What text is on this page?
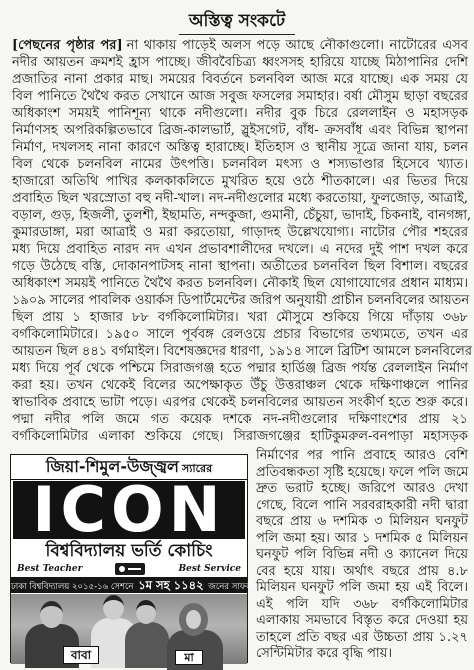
অস্তিত্ব সংকটে
[পেছনের পৃষ্ঠার পর] না থাকায় পাড়েই অলস পড়ে আছে নৌকাগুলো। নাটোরের এসব
নদীর আয়তন ক্রমশই হ্রাস পাচ্ছে। জীববৈচিত্র্য ধ্বংসসহ হারিয়ে যাচ্ছে মিঠাপানির দেশি
প্রজাতির নানা প্রকার মাছ। সময়ের বিবর্তনে চলনবিল আজ মরে যাচ্ছে। এক সময় যে
বিল পানিতে থৈথৈ করত সেখানে আজ সবুজ ফসলের সমাহার। বর্ষা মৌসুম ছাড়া বছরের
অধিকাংশ সময়ই পানিশূন্য থাকে নদীগুলো। নদীর বুক চিরে রেললাইন ও মহাসড়ক
নির্মাণসহ অপরিকল্পিতভাবে ব্রিজ-কালভার্ট, স্লুইসগেট, বাঁধ- ক্রসবাঁধ এবং বিভিন্ন স্থাপনা
নির্মাণ, দখলসহ নানা কারণে অস্তিত্ব হারাচ্ছে। ইতিহাস ও স্থানীয় সূত্রে জানা যায়, চলন
বিল থেকে চলনবিল নামের উৎপত্তি। চলনবিল মৎস্য ও শস্যভাণ্ডার হিসেবে খ্যাত।
হাজারো অতিথি পাখির কলকাকলিতে মুখরিত হয়ে ওঠে শীতকালে। এর ভিতর দিয়ে
প্রবাহিত ছিল খরস্রোতা বহু নদী-খাল। নদ-নদীগুলোর মধ্যে করতোয়া, ফুলজোড়, আত্রাই,
বড়াল, গুড়, হিজলী, তুলশী, ইছামতি, নন্দকুজা, গুমানী, চেঁচুয়া, ভাদাই, চিকনাই, বানগঙ্গা,
কুমারডাঙ্গা, মরা আত্রাই ও মরা করতোয়া, গাড়াদহ উল্লেখযোগ্য। নাটোর পৌর শহরের
মধ্য দিয়ে প্রবাহিত নারদ নদ এখন প্রভাবশালীদের দখলে। এ নদের দুই পাশ দখল করে
গড়ে উঠেছে বস্তি, দোকানপাটসহ নানা স্থাপনা। অতীতের চলনবিল ছিল বিশাল। বছরের
অধিকাংশ সময়ই পানিতে থৈথৈ করত চলনবিল। নৌকাই ছিল যোগাযোগের প্রধান মাধ্যম।
১৯০৯ সালের পাবলিক ওয়ার্কস ডিপার্টমেন্টের জরিপ অনুযায়ী প্রাচীন চলনবিলের আয়তন
ছিল প্রায় ১ হাজার ৮৮ বর্গকিলোমিটার। খরা মৌসুমে শুকিয়ে গিয়ে দাঁড়ায় ৩৬৮
বর্গকিলোমিটারে। ১৯৫০ সালে পূর্ববঙ্গ রেলওয়ে প্রচার বিভাগের তথ্যমতে, তখন এর
আয়তন ছিল ৪৪১ বর্গমাইল। বিশেষজ্ঞদের ধারণা, ১৯১৪ সালে ব্রিটিশ আমলে চলনবিলের
মধ্য দিয়ে পূর্ব থেকে পশ্চিমে সিরাজগঞ্জ হতে পদ্মার হার্ডিঞ্জ ব্রিজ পর্যন্ত রেললাইন নির্মাণ
করা হয়। তখন থেকেই বিলের অপেক্ষাকৃত উঁচু উত্তরাঞ্চল থেকে দক্ষিণাঞ্চলে পানির
স্বাভাবিক প্রবাহে ভাটা পড়ে। এরপর থেকেই চলনবিলের আয়তন সংকীর্ণ হতে শুরু করে।
পদ্মা নদীর পলি জমে গত কয়েক দশকে নদ-নদীগুলোর দক্ষিণাংশের প্রায় ২১
বর্গকিলোমিটার এলাকা শুকিয়ে গেছে। সিরাজগঞ্জের হাটিকুমরুল-বনপাড়া মহাসড়ক
নির্মাণের পর পানি প্রবাহে আরও বেশি
প্রতিবন্ধকতা সৃষ্টি হয়েছে। ফলে পলি জমে
দ্রুত ভরাট হচ্ছে। জরিপে আরও দেখা
গেছে, বিলে পানি সরবরাহকারী নদী দ্বারা
বছরে প্রায় ৬ দশমিক ৩ মিলিয়ন ঘনফুট
পলি জমা হয়। আর ১ দশমিক ৫ মিলিয়ন
ঘনফুট পলি বিভিন্ন নদী ও ক্যানেল দিয়ে
বের হয়ে যায়। অর্থাৎ বছরে প্রায় ৪.৮
মিলিয়ন ঘনফুট পলি জমা হয় এই বিলে।
এই পলি যদি ৩৬৮ বর্গকিলোমিটার
এলাকায় সমভাবে বিস্তৃত করে দেওয়া হয়
তাহলে প্রতি বছর এর উচ্চতা প্রায় ১.২৭
সেন্টিমিটার করে বৃদ্ধি পায়।
জিয়া-শিমুল-উজ্জ্বল স্যারের
ICON
বিশ্ববিদ্যালয় ভর্তি কোচিং
Best Teacher	Best Service
ঢাকা বিশ্ববিদ্যালয় ২০১৫-১৬ সেশনে ১ম সহ ১১৪২ জনের সাফল্য
বাবা	মা
